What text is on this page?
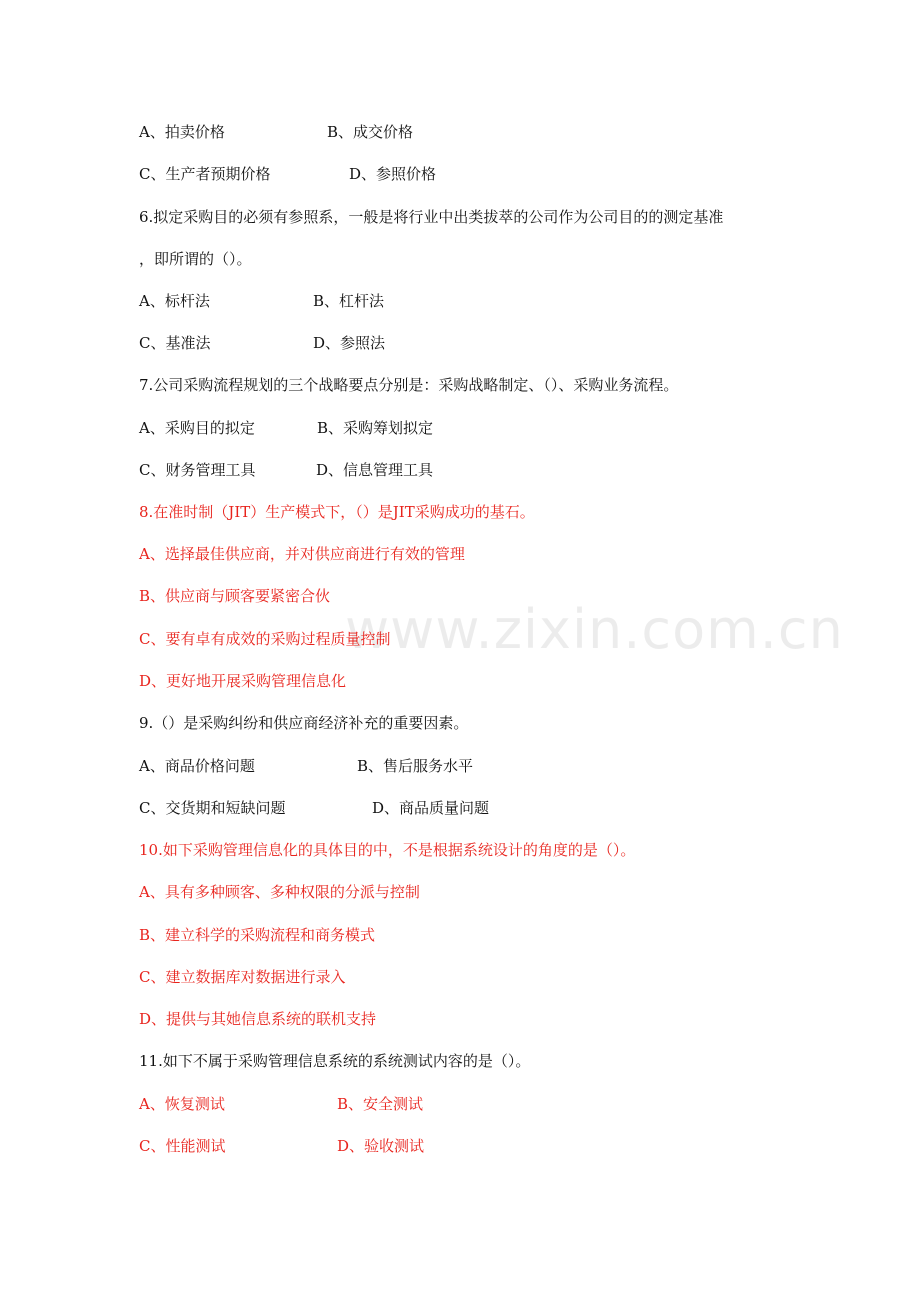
www.zixin.com.cn
A、拍卖价格	B、成交价格
C、生产者预期价格	D、参照价格
6.拟定采购目的必须有参照系，一般是将行业中出类拔萃的公司作为公司目的的测定基准
，即所谓的（）。
A、标杆法	B、杠杆法
C、基准法	D、参照法
7.公司采购流程规划的三个战略要点分别是：采购战略制定、（）、采购业务流程。
A、采购目的拟定	B、采购筹划拟定
C、财务管理工具	D、信息管理工具
8.在准时制（JIT）生产模式下，（）是JIT采购成功的基石。
A、选择最佳供应商，并对供应商进行有效的管理
B、供应商与顾客要紧密合伙
C、要有卓有成效的采购过程质量控制
D、更好地开展采购管理信息化
9.（）是采购纠纷和供应商经济补充的重要因素。
A、商品价格问题	B、售后服务水平
C、交货期和短缺问题	D、商品质量问题
10.如下采购管理信息化的具体目的中，不是根据系统设计的角度的是（）。
A、具有多种顾客、多种权限的分派与控制
B、建立科学的采购流程和商务模式
C、建立数据库对数据进行录入
D、提供与其她信息系统的联机支持
11.如下不属于采购管理信息系统的系统测试内容的是（）。
A、恢复测试	B、安全测试
C、性能测试	D、验收测试
